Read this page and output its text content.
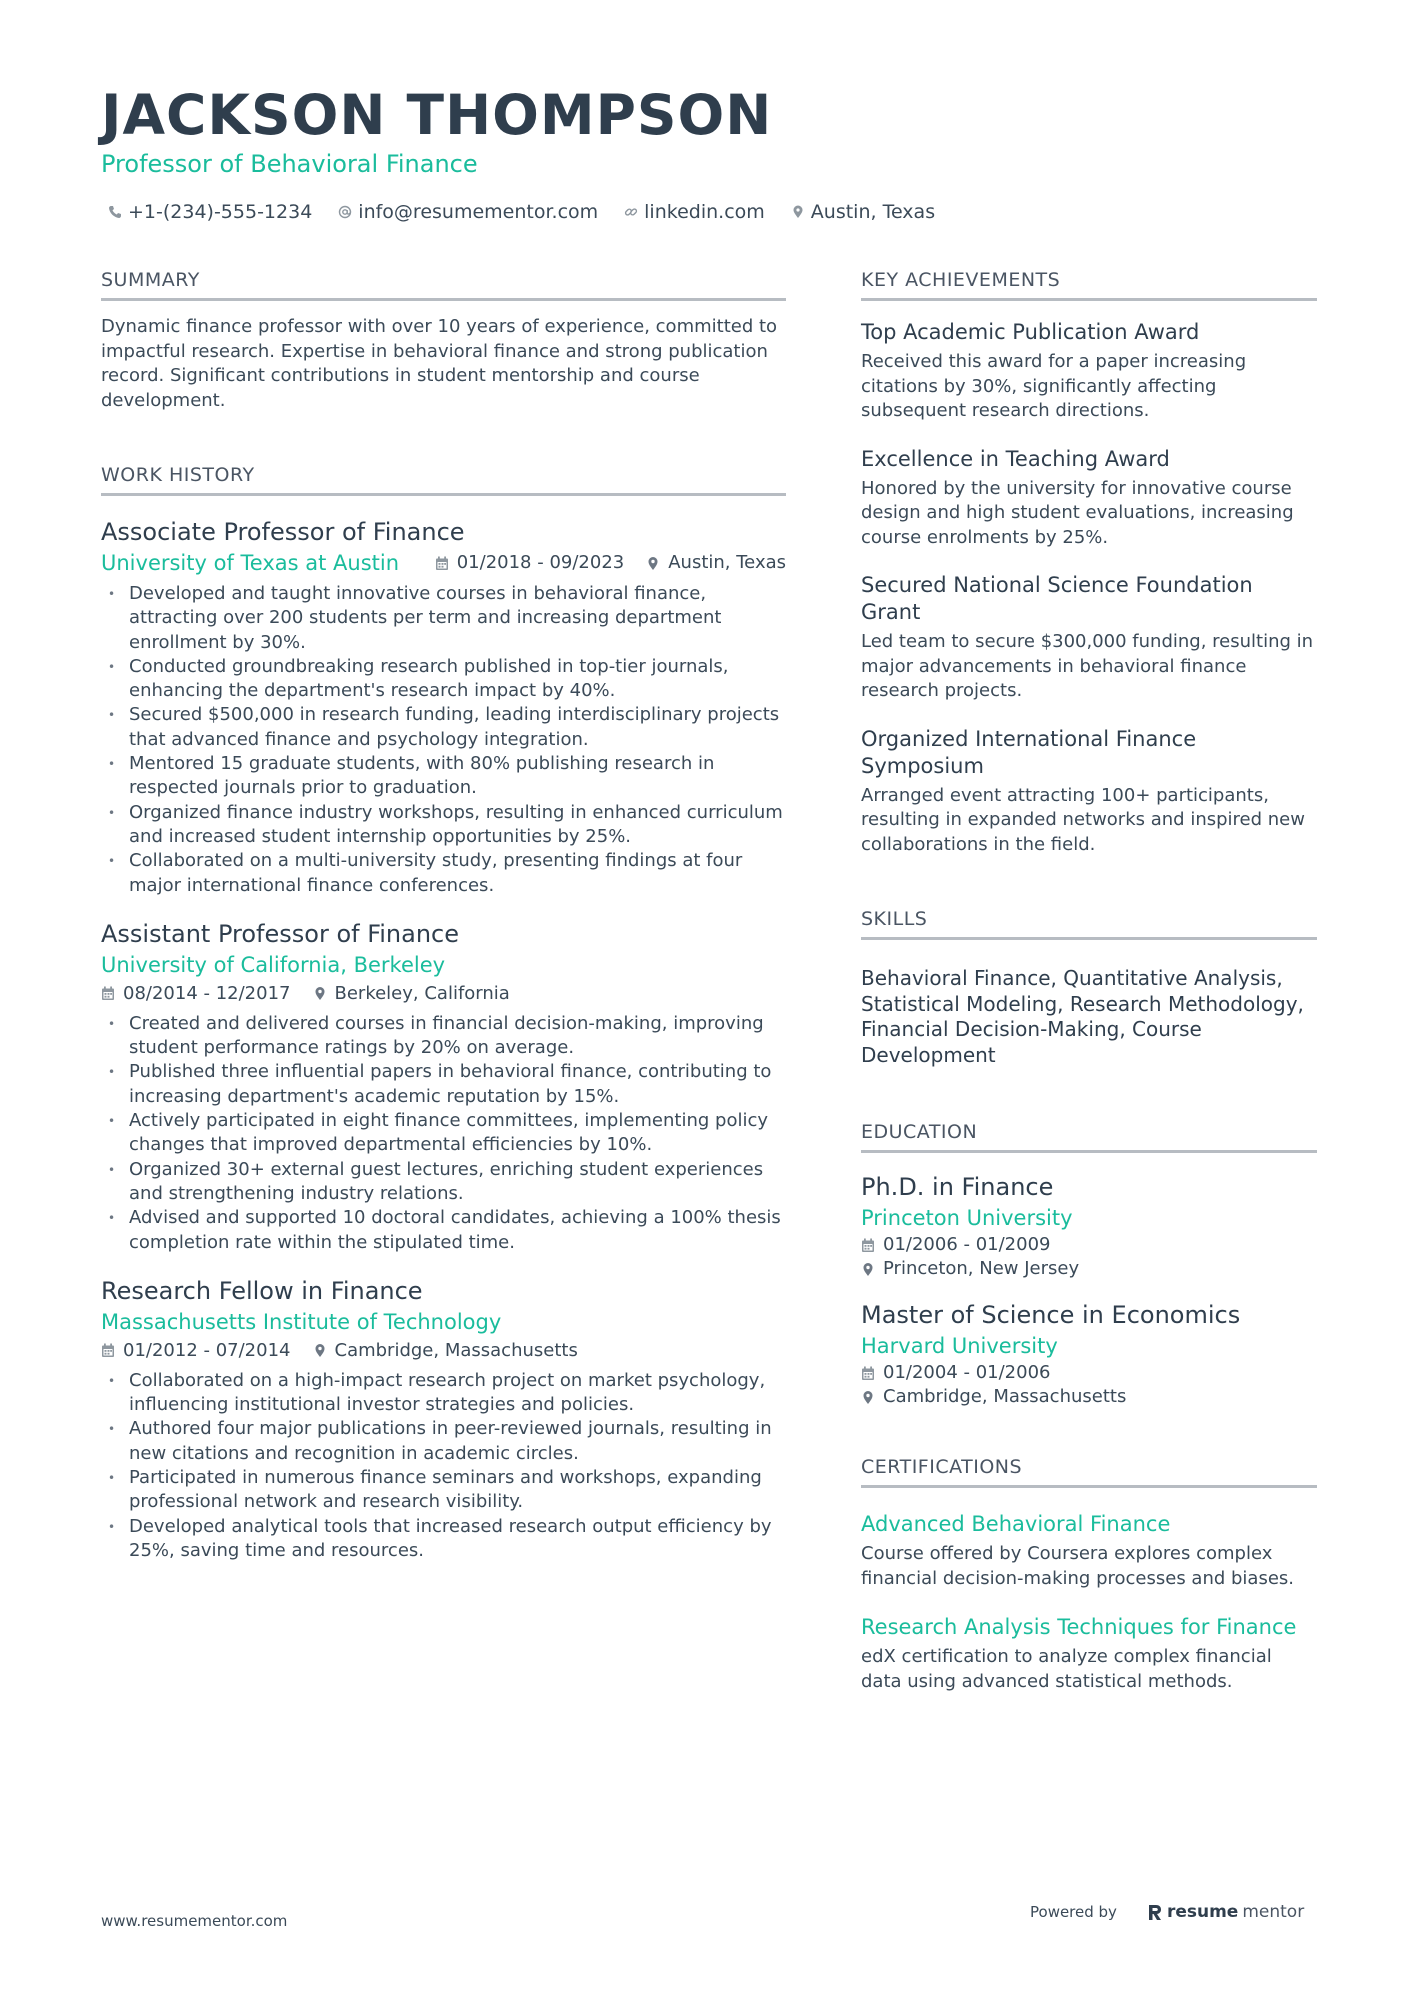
JACKSON THOMPSON
Professor of Behavioral Finance
+1-(234)-555-1234 info@resumementor.com linkedin.com Austin, Texas
SUMMARY
Dynamic finance professor with over 10 years of experience, committed to impactful research. Expertise in behavioral finance and strong publication record. Significant contributions in student mentorship and course development.
WORK HISTORY
Associate Professor of Finance
University of Texas at Austin	01/2018 - 09/2023 Austin, Texas
• Developed and taught innovative courses in behavioral finance, attracting over 200 students per term and increasing department enrollment by 30%.
• Conducted groundbreaking research published in top-tier journals, enhancing the department's research impact by 40%.
• Secured $500,000 in research funding, leading interdisciplinary projects that advanced finance and psychology integration.
• Mentored 15 graduate students, with 80% publishing research in respected journals prior to graduation.
• Organized finance industry workshops, resulting in enhanced curriculum and increased student internship opportunities by 25%.
• Collaborated on a multi-university study, presenting findings at four major international finance conferences.
Assistant Professor of Finance
University of California, Berkeley
08/2014 - 12/2017 Berkeley, California
• Created and delivered courses in financial decision-making, improving student performance ratings by 20% on average.
• Published three influential papers in behavioral finance, contributing to increasing department's academic reputation by 15%.
• Actively participated in eight finance committees, implementing policy changes that improved departmental efficiencies by 10%.
• Organized 30+ external guest lectures, enriching student experiences and strengthening industry relations.
• Advised and supported 10 doctoral candidates, achieving a 100% thesis completion rate within the stipulated time.
Research Fellow in Finance
Massachusetts Institute of Technology
01/2012 - 07/2014 Cambridge, Massachusetts
• Collaborated on a high-impact research project on market psychology, influencing institutional investor strategies and policies.
• Authored four major publications in peer-reviewed journals, resulting in new citations and recognition in academic circles.
• Participated in numerous finance seminars and workshops, expanding professional network and research visibility.
• Developed analytical tools that increased research output efficiency by 25%, saving time and resources.
KEY ACHIEVEMENTS
Top Academic Publication Award
Received this award for a paper increasing citations by 30%, significantly affecting subsequent research directions.
Excellence in Teaching Award
Honored by the university for innovative course design and high student evaluations, increasing course enrolments by 25%.
Secured National Science Foundation Grant
Led team to secure $300,000 funding, resulting in major advancements in behavioral finance research projects.
Organized International Finance Symposium
Arranged event attracting 100+ participants, resulting in expanded networks and inspired new collaborations in the field.
SKILLS
Behavioral Finance, Quantitative Analysis, Statistical Modeling, Research Methodology, Financial Decision-Making, Course Development
EDUCATION
Ph.D. in Finance
Princeton University
01/2006 - 01/2009
Princeton, New Jersey
Master of Science in Economics
Harvard University
01/2004 - 01/2006
Cambridge, Massachusetts
CERTIFICATIONS
Advanced Behavioral Finance
Course offered by Coursera explores complex financial decision-making processes and biases.
Research Analysis Techniques for Finance
edX certification to analyze complex financial data using advanced statistical methods.
www.resumementor.com	Powered by	resume mentor
